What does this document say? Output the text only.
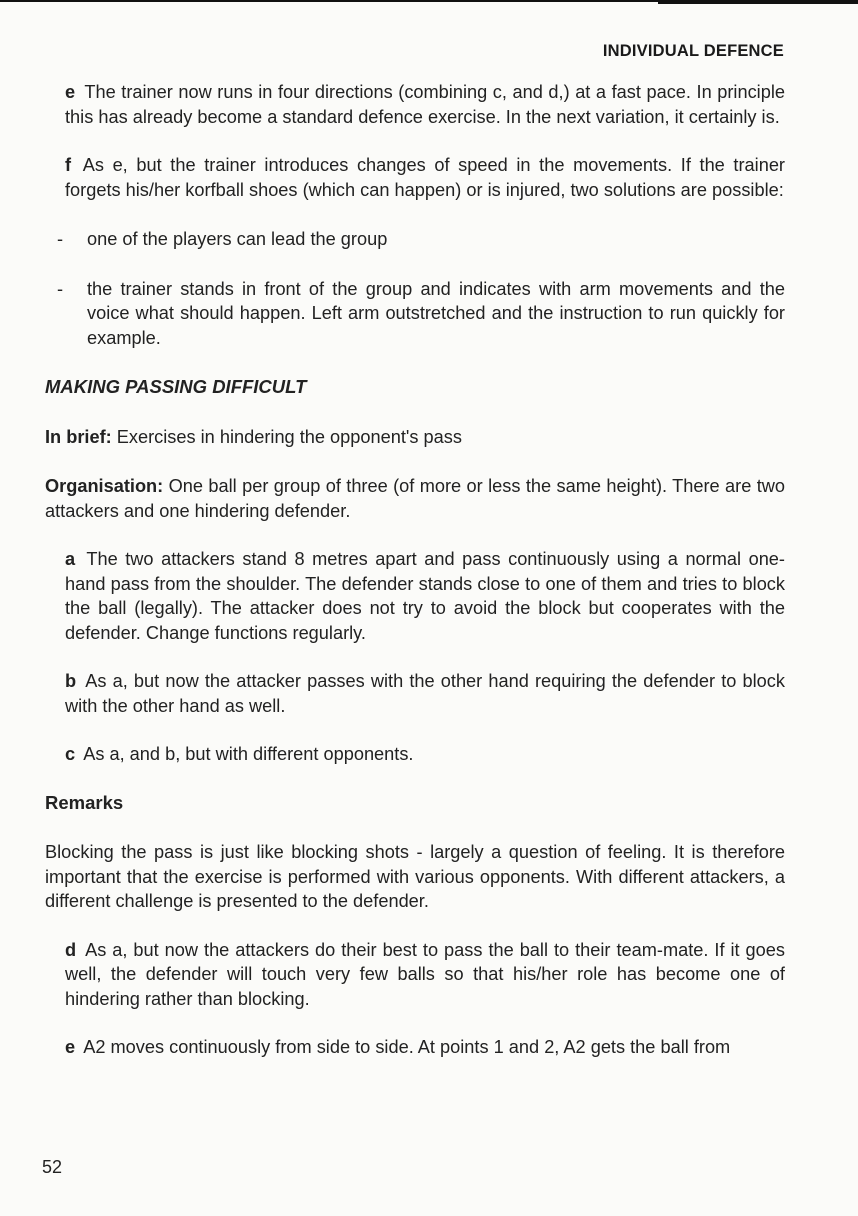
INDIVIDUAL DEFENCE

e The trainer now runs in four directions (combining c, and d,) at a fast pace. In principle this has already become a standard defence exercise. In the next variation, it certainly is.

f As e, but the trainer introduces changes of speed in the movements. If the trainer forgets his/her korfball shoes (which can happen) or is injured, two solutions are possible:

-	one of the players can lead the group
-	the trainer stands in front of the group and indicates with arm movements and the voice what should happen. Left arm outstretched and the instruction to run quickly for example.

MAKING PASSING DIFFICULT

In brief: Exercises in hindering the opponent's pass

Organisation: One ball per group of three (of more or less the same height). There are two attackers and one hindering defender.

a The two attackers stand 8 metres apart and pass continuously using a normal one-hand pass from the shoulder. The defender stands close to one of them and tries to block the ball (legally). The attacker does not try to avoid the block but cooperates with the defender. Change functions regularly.

b As a, but now the attacker passes with the other hand requiring the defender to block with the other hand as well.

c As a, and b, but with different opponents.

Remarks

Blocking the pass is just like blocking shots - largely a question of feeling. It is therefore important that the exercise is performed with various opponents. With different attackers, a different challenge is presented to the defender.

d As a, but now the attackers do their best to pass the ball to their team-mate. If it goes well, the defender will touch very few balls so that his/her role has become one of hindering rather than blocking.

e A2 moves continuously from side to side. At points 1 and 2, A2 gets the ball from

52
